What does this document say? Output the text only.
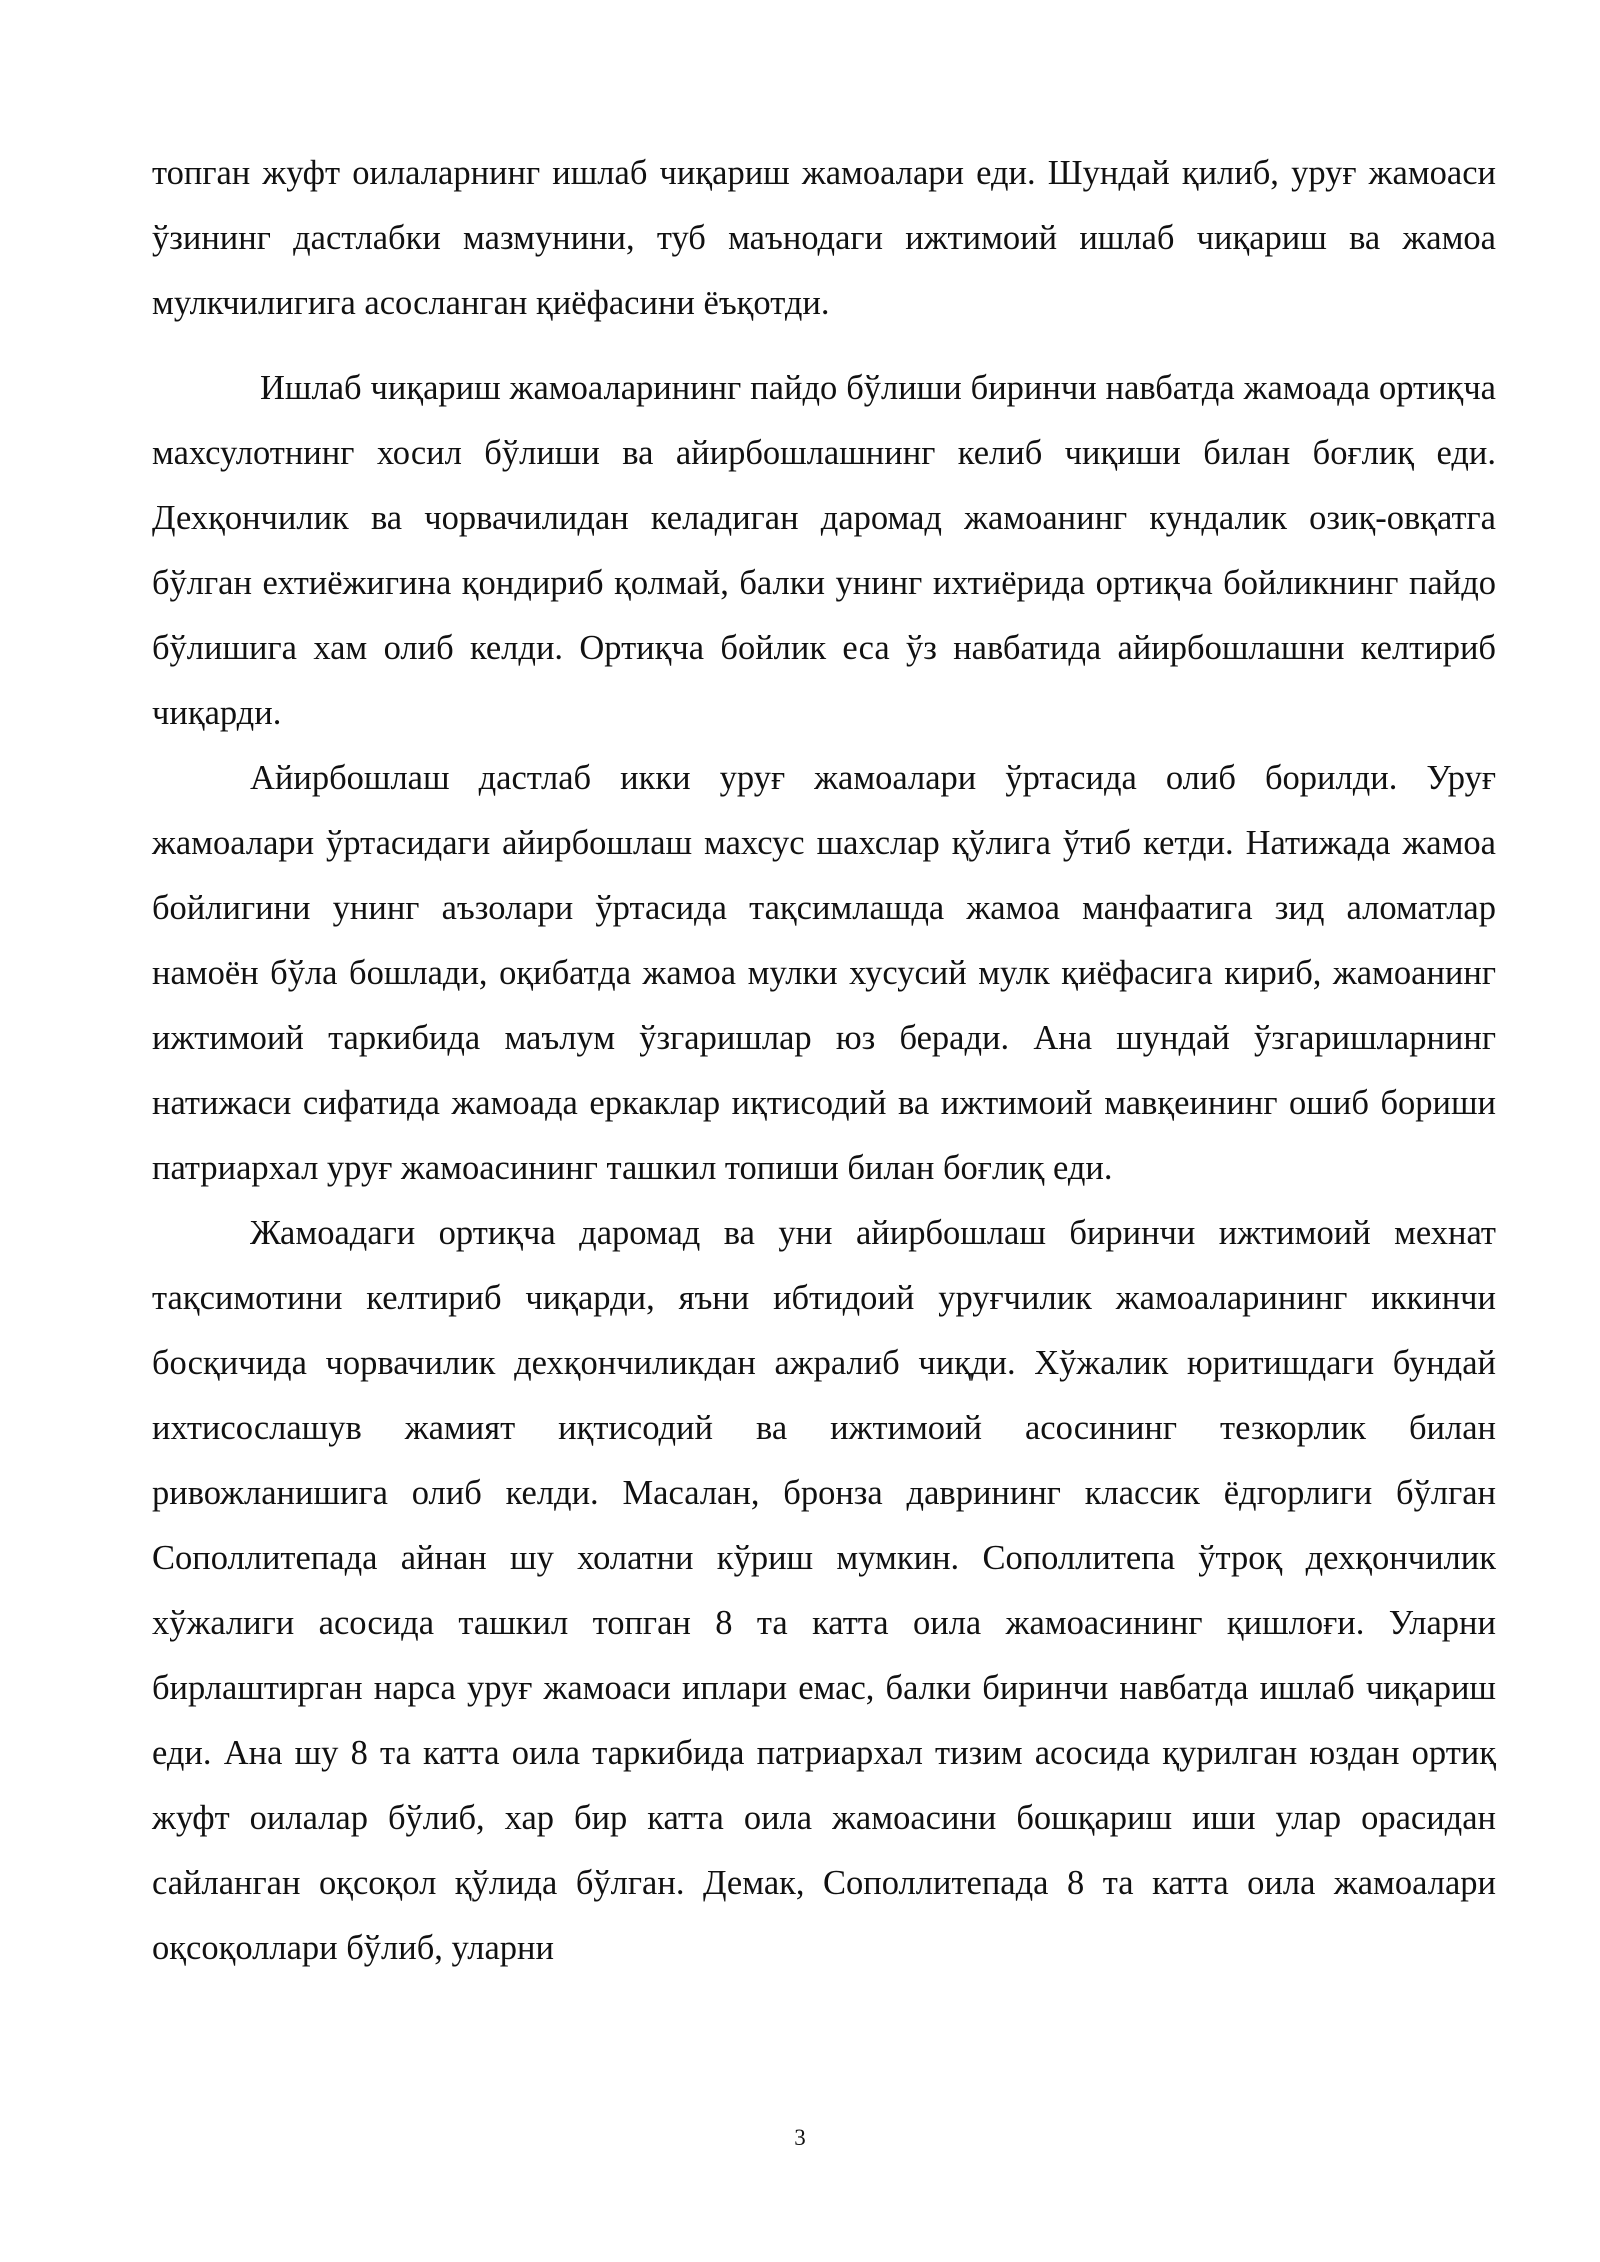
топган жуфт оилаларнинг ишлаб чиқариш жамоалари еди. Шундай қилиб, уруғ жамоаси ўзининг дастлабки мазмунини, туб маънодаги ижтимоий ишлаб чиқариш ва жамоа мулкчилигига асосланган қиёфасини ёъқотди.

Ишлаб чиқариш жамоаларининг пайдо бўлиши биринчи навбатда жамоада ортиқча махсулотнинг хосил бўлиши ва айирбошлашнинг келиб чиқиши билан боғлиқ еди. Дехқончилик ва чорвачилидан келадиган даромад жамоанинг кундалик озиқ-овқатга бўлган ехтиёжигина қондириб қолмай, балки унинг ихтиёрида ортиқча бойликнинг пайдо бўлишига хам олиб келди. Ортиқча бойлик еса ўз навбатида айирбошлашни келтириб чиқарди.

Айирбошлаш дастлаб икки уруғ жамоалари ўртасида олиб борилди. Уруғ жамоалари ўртасидаги айирбошлаш махсус шахслар қўлига ўтиб кетди. Натижада жамоа бойлигини унинг аъзолари ўртасида тақсимлашда жамоа манфаатига зид аломатлар намоён бўла бошлади, оқибатда жамоа мулки хусусий мулк қиёфасига кириб, жамоанинг ижтимоий таркибида маълум ўзгаришлар юз беради. Ана шундай ўзгаришларнинг натижаси сифатида жамоада еркаклар иқтисодий ва ижтимоий мавқеининг ошиб бориши патриархал уруғ жамоасининг ташкил топиши билан боғлиқ еди.

Жамоадаги ортиқча даромад ва уни айирбошлаш биринчи ижтимоий мехнат тақсимотини келтириб чиқарди, яъни ибтидоий уруғчилик жамоаларининг иккинчи босқичида чорвачилик дехқончиликдан ажралиб чиқди. Хўжалик юритишдаги бундай ихтисослашув жамият иқтисодий ва ижтимоий асосининг тезкорлик билан ривожланишига олиб келди. Масалан, бронза даврининг классик ёдгорлиги бўлган Сополлитепада айнан шу холатни кўриш мумкин. Сополлитепа ўтроқ дехқончилик хўжалиги асосида ташкил топган 8 та катта оила жамоасининг қишлоғи. Уларни бирлаштирган нарса уруғ жамоаси иплари емас, балки биринчи навбатда ишлаб чиқариш еди. Ана шу 8 та катта оила таркибида патриархал тизим асосида қурилган юздан ортиқ жуфт оилалар бўлиб, хар бир катта оила жамоасини бошқариш иши улар орасидан сайланган оқсоқол қўлида бўлган. Демак, Сополлитепада 8 та катта оила жамоалари оқсоқоллари бўлиб, уларни

3
